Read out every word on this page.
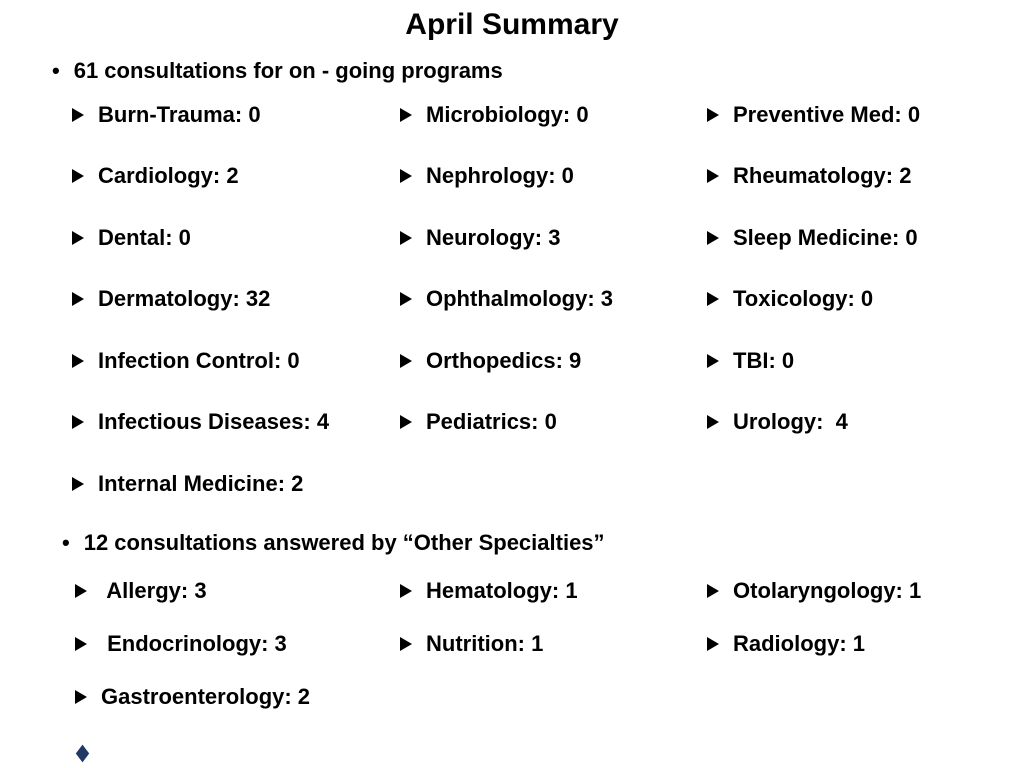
April Summary
• 61 consultations for on - going programs
Burn-Trauma: 0
Cardiology: 2
Dental: 0
Dermatology: 32
Infection Control: 0
Infectious Diseases: 4
Internal Medicine: 2
Microbiology: 0
Nephrology: 0
Neurology: 3
Ophthalmology: 3
Orthopedics: 9
Pediatrics: 0
Preventive Med: 0
Rheumatology: 2
Sleep Medicine: 0
Toxicology: 0
TBI: 0
Urology:  4
• 12 consultations answered by “Other Specialties”
Allergy: 3
Endocrinology: 3
Gastroenterology: 2
Hematology: 1
Nutrition: 1
Otolaryngology: 1
Radiology: 1
